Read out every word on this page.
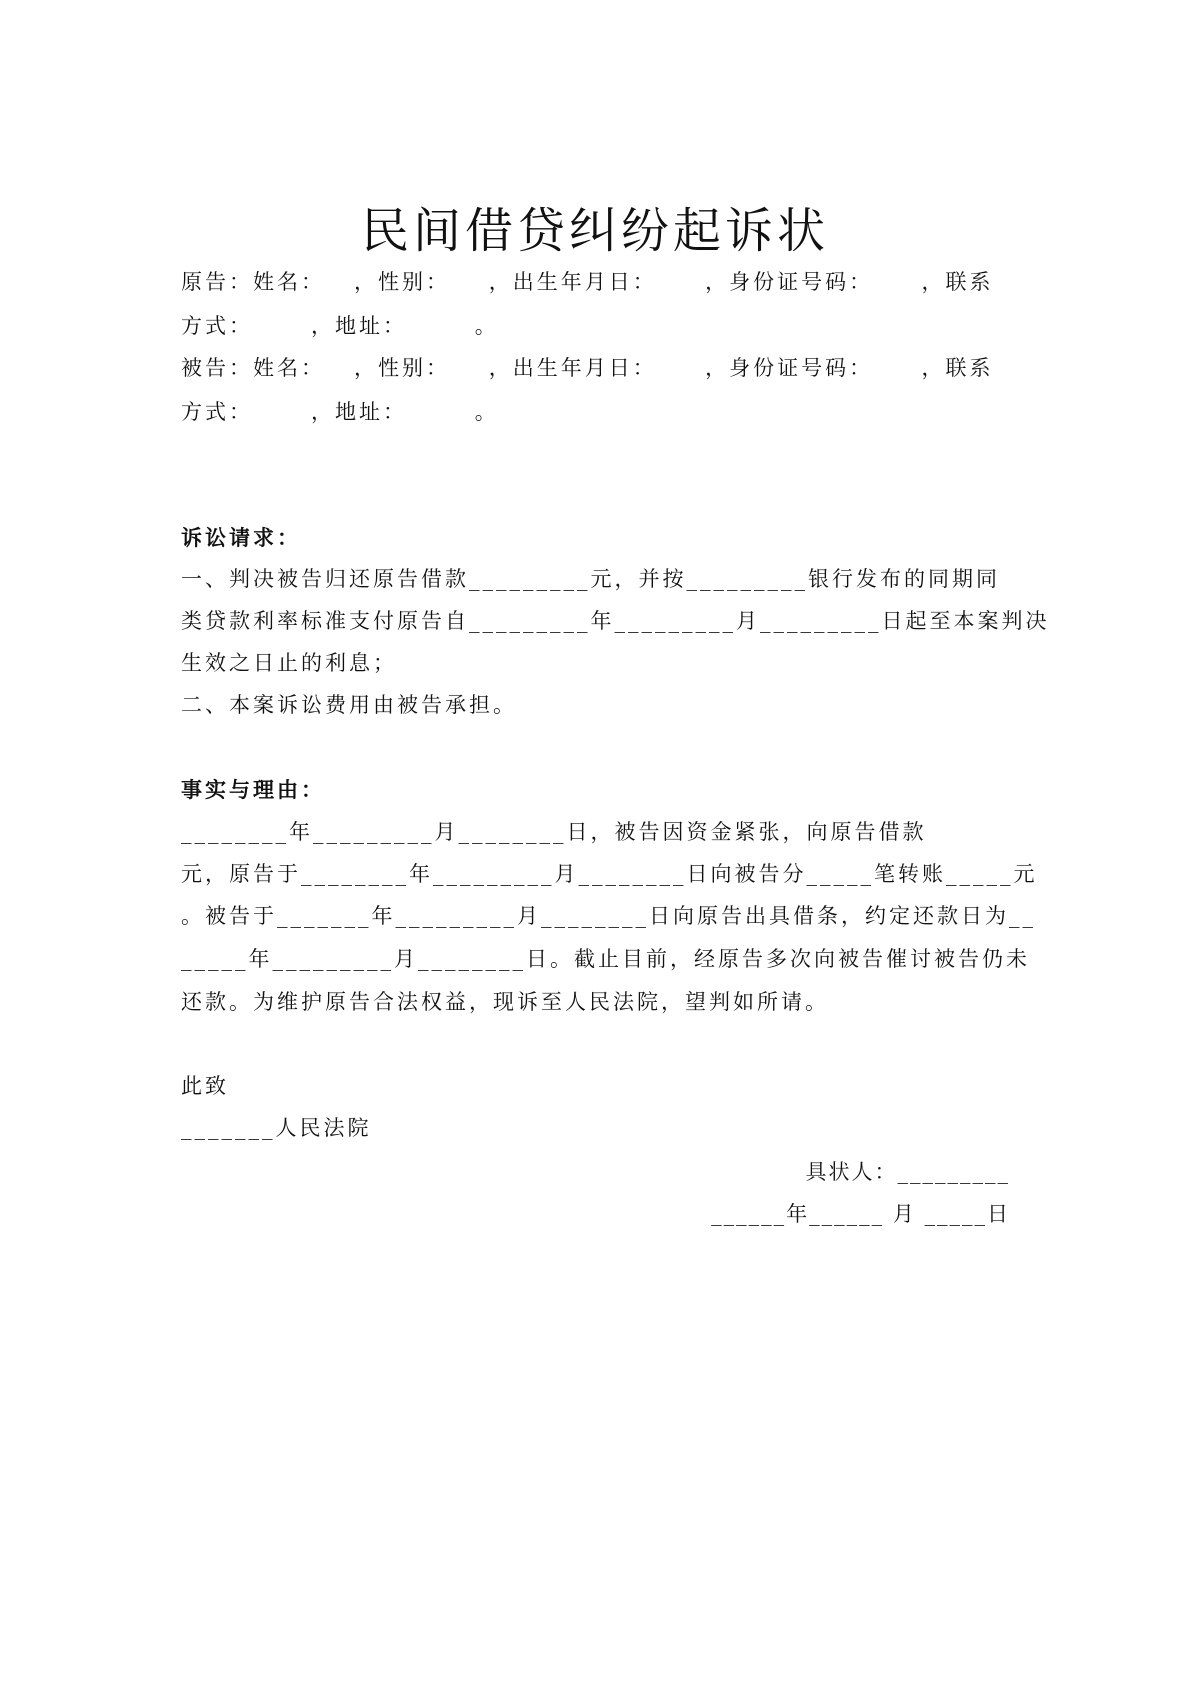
民间借贷纠纷起诉状
原告：姓名：   ，性别：    ，出生年月日：     ，身份证号码：     ，联系
方式：      ，地址：       。
被告：姓名：   ，性别：    ，出生年月日：     ，身份证号码：     ，联系
方式：      ，地址：       。
诉讼请求：
一、判决被告归还原告借款_________元，并按_________银行发布的同期同
类贷款利率标准支付原告自_________年_________月_________日起至本案判决
生效之日止的利息；
二、本案诉讼费用由被告承担。
事实与理由：
________年_________月________日，被告因资金紧张，向原告借款
元，原告于________年_________月________日向被告分_____笔转账_____元
。被告于_______年_________月________日向原告出具借条，约定还款日为__
_____年_________月________日。截止目前，经原告多次向被告催讨被告仍未
还款。为维护原告合法权益，现诉至人民法院，望判如所请。
此致
_______人民法院
具状人：_________
______年______ 月 _____日
